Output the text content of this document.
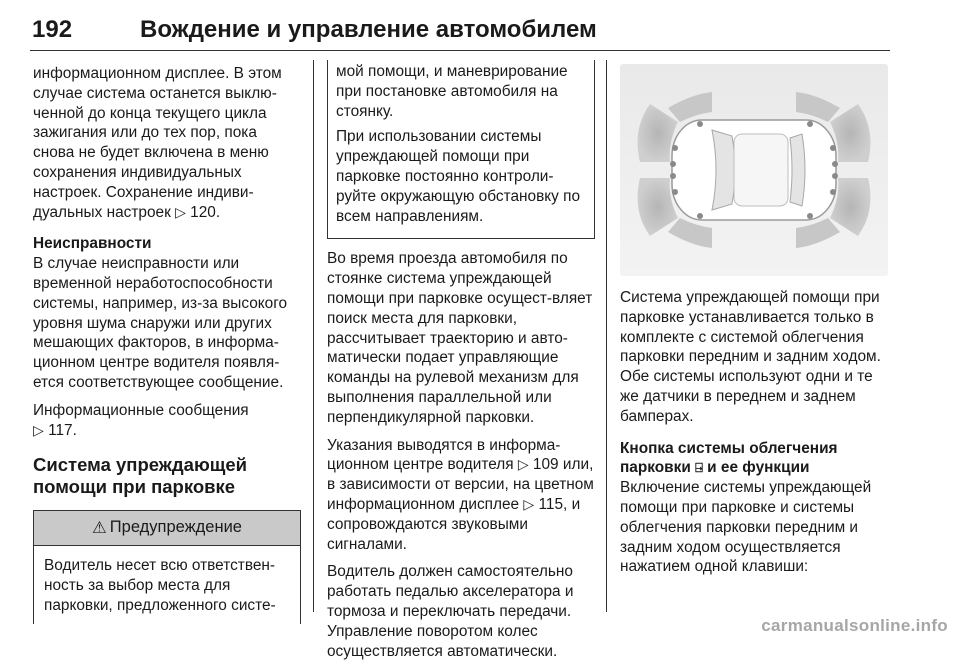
192	Вождение и управление автомобилем

информационном дисплее. В этом случае система останется выклю-ченной до конца текущего цикла зажигания или до тех пор, пока снова не будет включена в меню сохранения индивидуальных настроек. Сохранение индиви-дуальных настроек ▷ 120.

Неисправности

В случае неисправности или временной неработоспособности системы, например, из-за высокого уровня шума снаружи или других мешающих факторов, в информа-ционном центре водителя появля-ется соответствующее сообщение.

Информационные сообщения
▷ 117.

Система упреждающей помощи при парковке
⚠ Предупреждение
Водитель несет всю ответствен-ность за выбор места для парковки, предложенного систе-

мой помощи, и маневрирование при постановке автомобиля на стоянку.

При использовании системы упреждающей помощи при парковке постоянно контроли-руйте окружающую обстановку по всем направлениям.

Во время проезда автомобиля по стоянке система упреждающей помощи при парковке осущест-вляет поиск места для парковки, рассчитывает траекторию и авто-матически подает управляющие команды на рулевой механизм для выполнения параллельной или перпендикулярной парковки.

Указания выводятся в информа-ционном центре водителя ▷ 109 или, в зависимости от версии, на цветном информационном дисплее ▷ 115, и сопровождаются звуковыми сигналами.

Водитель должен самостоятельно работать педалью акселератора и тормоза и переключать передачи. Управление поворотом колес осуществляется автоматически.

Система упреждающей помощи при парковке устанавливается только в комплекте с системой облегчения парковки передним и задним ходом. Обе системы используют одни и те же датчики в переднем и заднем бамперах.

Кнопка системы облегчения парковки ⍈ и ее функции

Включение системы упреждающей помощи при парковке и системы облегчения парковки передним и задним ходом осуществляется нажатием одной клавиши:

carmanualsonline.info
